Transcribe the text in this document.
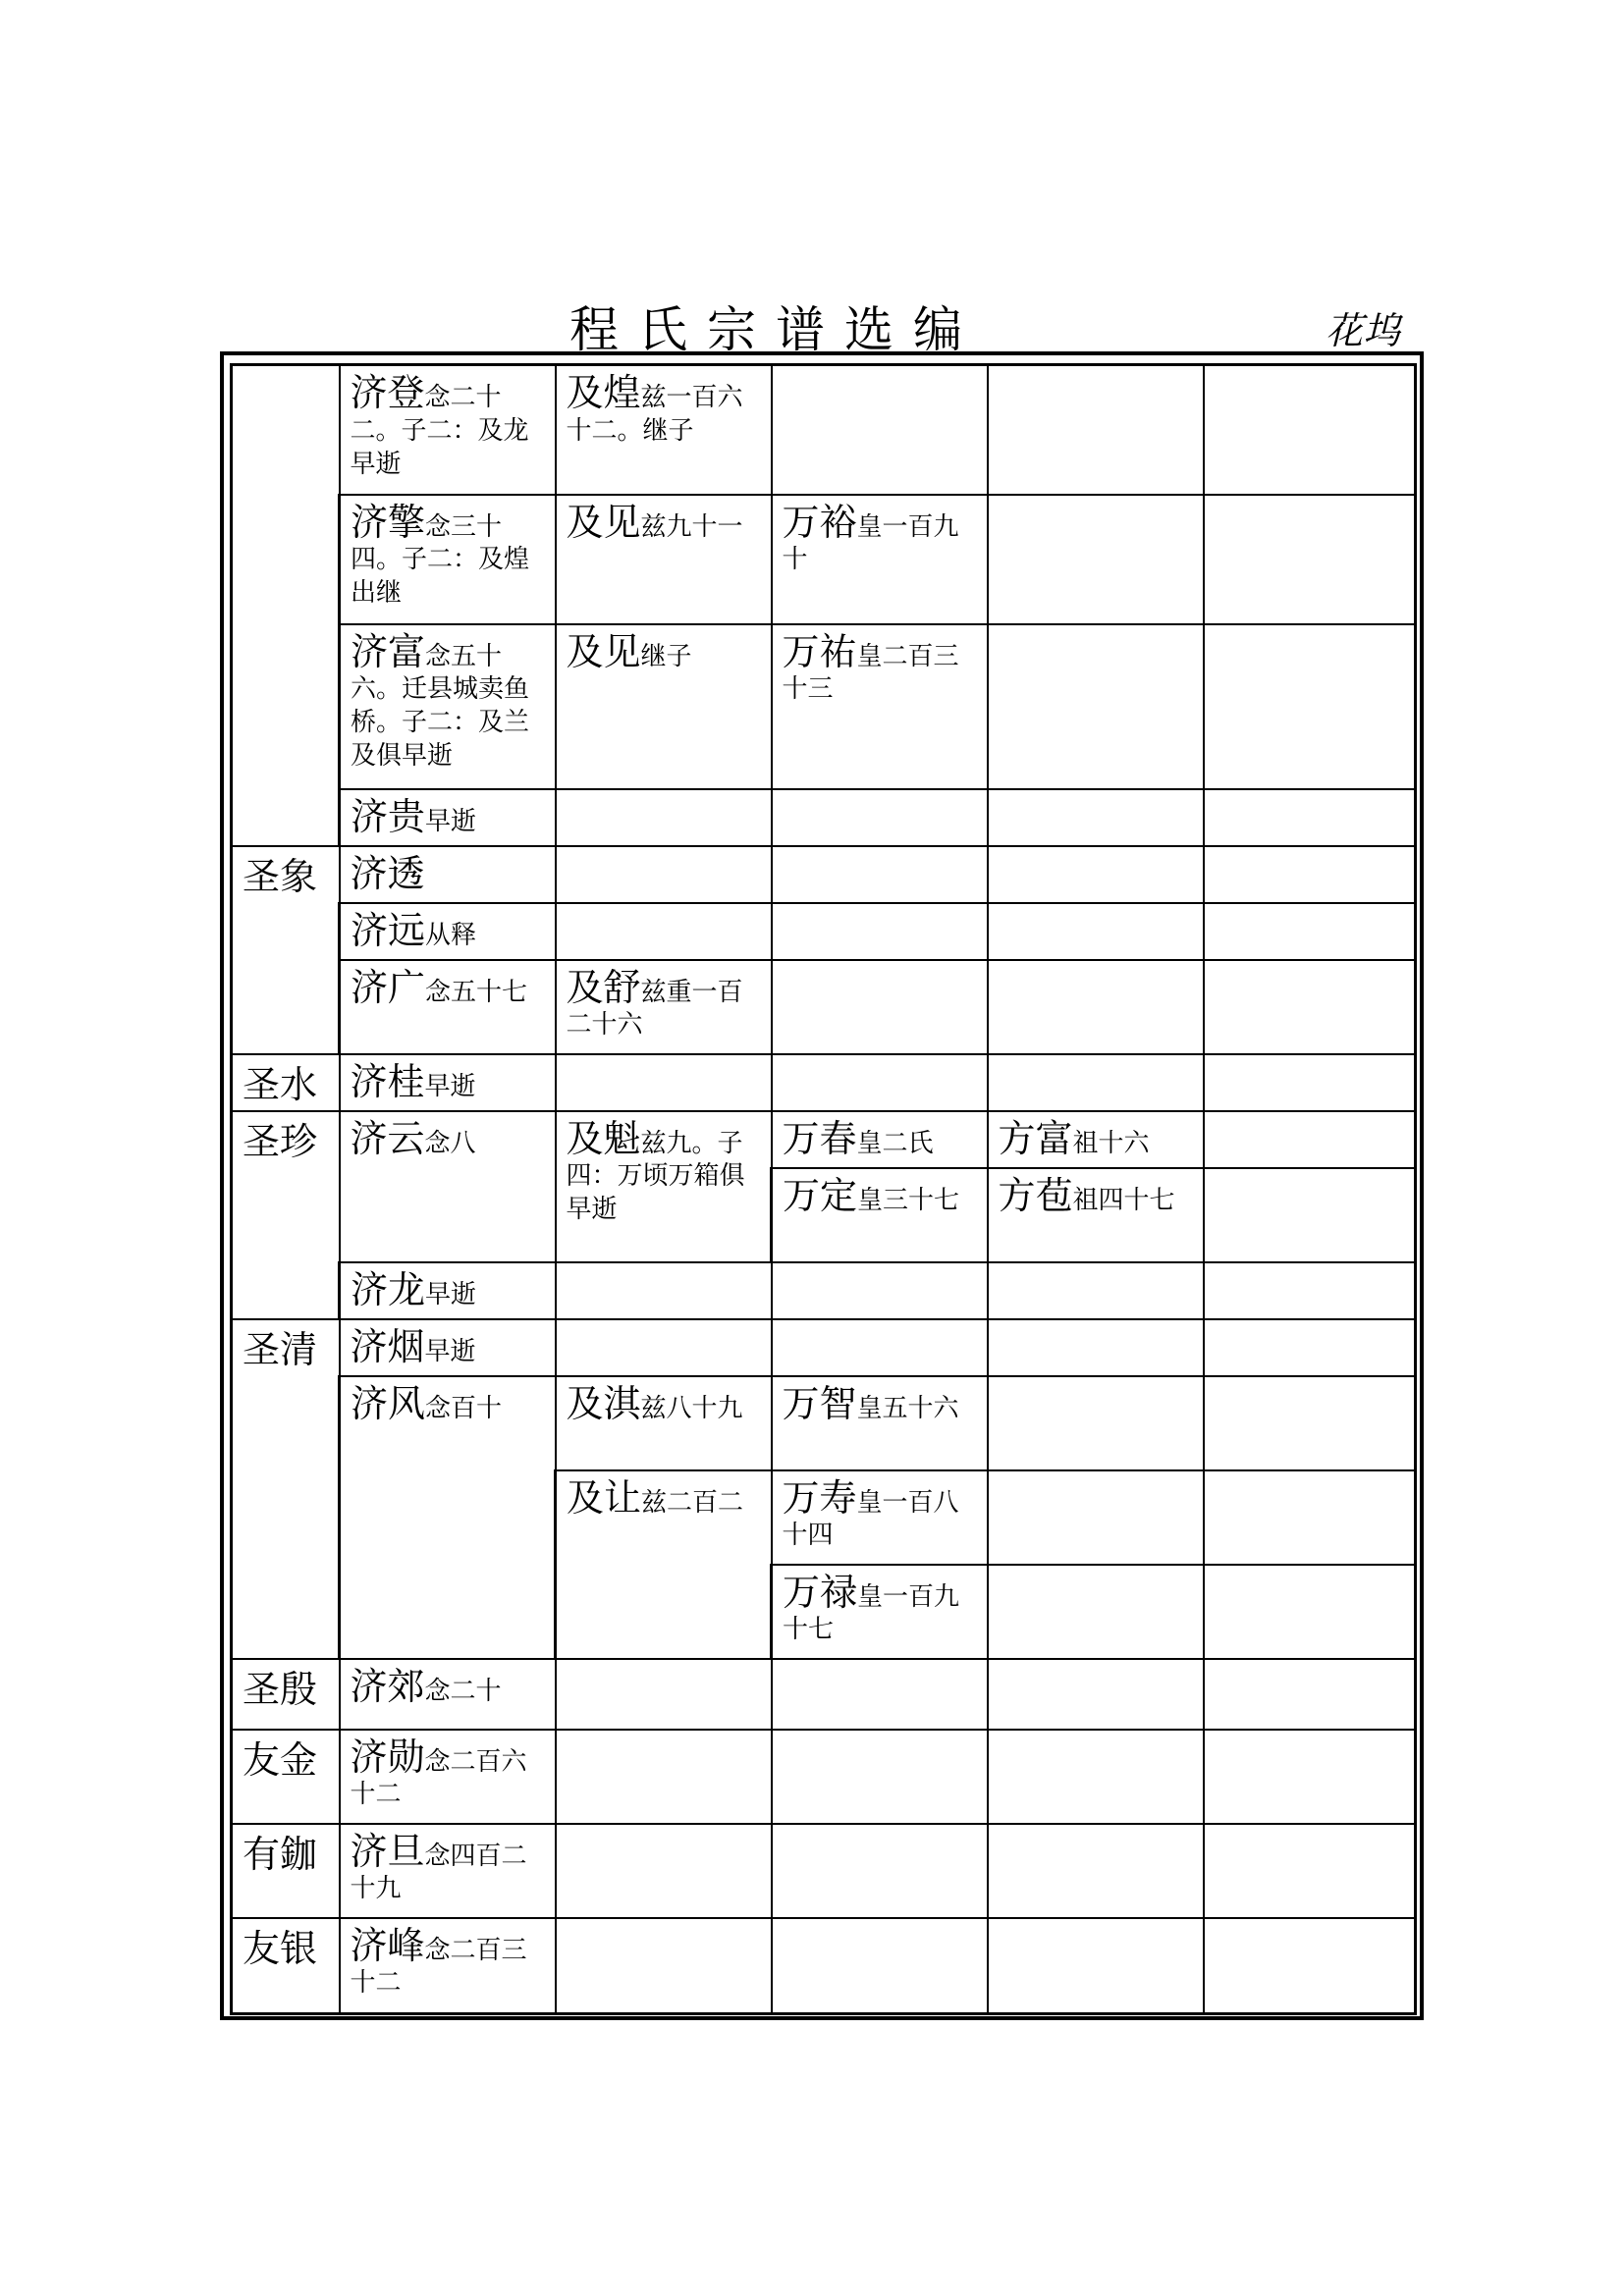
程氏宗谱选编	花坞
	济登念二十二。子二：及龙早逝	及煌兹一百六十二。继子			
	济擎念三十四。子二：及煌出继	及见兹九十一	万裕皇一百九十		
	济富念五十六。迁县城卖鱼桥。子二：及兰及俱早逝	及见继子	万祐皇二百三十三		
	济贵早逝				
圣象	济透				
	济远从释				
	济广念五十七	及舒兹重一百二十六			
圣水	济桂早逝				
圣珍	济云念八	及魁兹九。子四：万顷万箱俱早逝	万春皇二氏	方富祖十六	
			万定皇三十七	方苞祖四十七	
	济龙早逝				
圣清	济烟早逝				
	济风念百十	及淇兹八十九	万智皇五十六		
		及让兹二百二	万寿皇一百八十四		
			万禄皇一百九十七		
圣殷	济郊念二十				
友金	济勋念二百六十二				
有鉫	济旦念四百二十九				
友银	济峰念二百三十二				
